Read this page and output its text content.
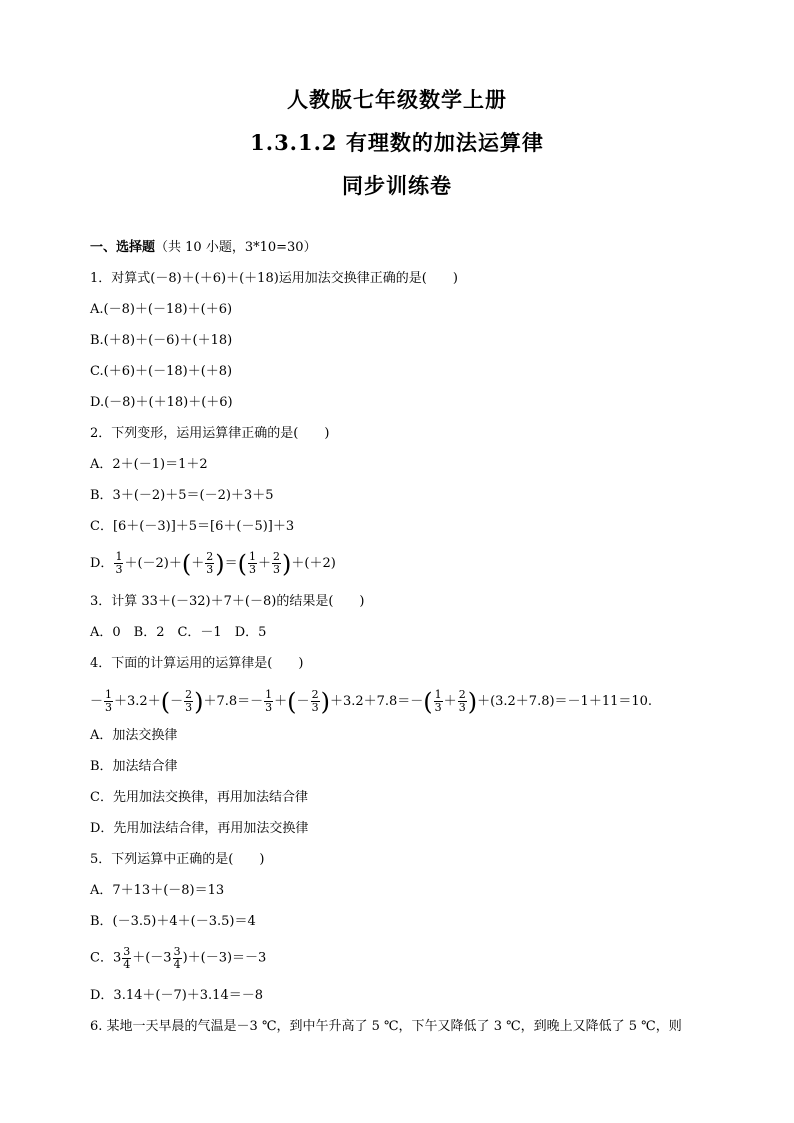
人教版七年级数学上册
1.3.1.2 有理数的加法运算律
同步训练卷
一、选择题（共 10 小题，3*10=30）
1．对算式(－8)＋(＋6)＋(＋18)运用加法交换律正确的是(　　)
A.(－8)＋(－18)＋(＋6)
B.(＋8)＋(－6)＋(＋18)
C.(＋6)＋(－18)＋(＋8)
D.(－8)＋(＋18)＋(＋6)
2．下列变形，运用运算律正确的是(　　)
A．2＋(－1)＝1＋2
B．3＋(－2)＋5＝(－2)＋3＋5
C．[6＋(－3)]＋5＝[6＋(－5)]＋3
D． $\frac{1}{3} +(-2)+(+ \frac{2}{3}$ )＝( $\frac{1}{3} + \frac{2}{3} )+(+2)$
3．计算 33＋(－32)＋7＋(－8)的结果是(　　)
A．0　B．2　C．－1　D．5
4．下面的计算运用的运算律是(　　)
－ $\frac{1}{3} +3.2+(- \frac{2}{3} )+7.8=- \frac{1}{3}$ ＋(－ $\frac{2}{3} )+3.2+7.8=-( \frac{1}{3} + \frac{2}{3} )+(3.2+7.8)=-1+11=10$.
A．加法交换律
B．加法结合律
C．先用加法交换律，再用加法结合律
D．先用加法结合律，再用加法交换律
5．下列运算中正确的是(　　)
A．7＋13＋(－8)＝13
B．(－3.5)＋4＋(－3.5)＝4
C．$3 \frac{3}{4} +(-3 \frac{3}{4} )+(-3)=-3$
D．3.14＋(－7)＋3.14＝－8
6. 某地一天早晨的气温是－3 ℃，到中午升高了 5 ℃，下午又降低了 3 ℃，到晚上又降低了 5 ℃，则
